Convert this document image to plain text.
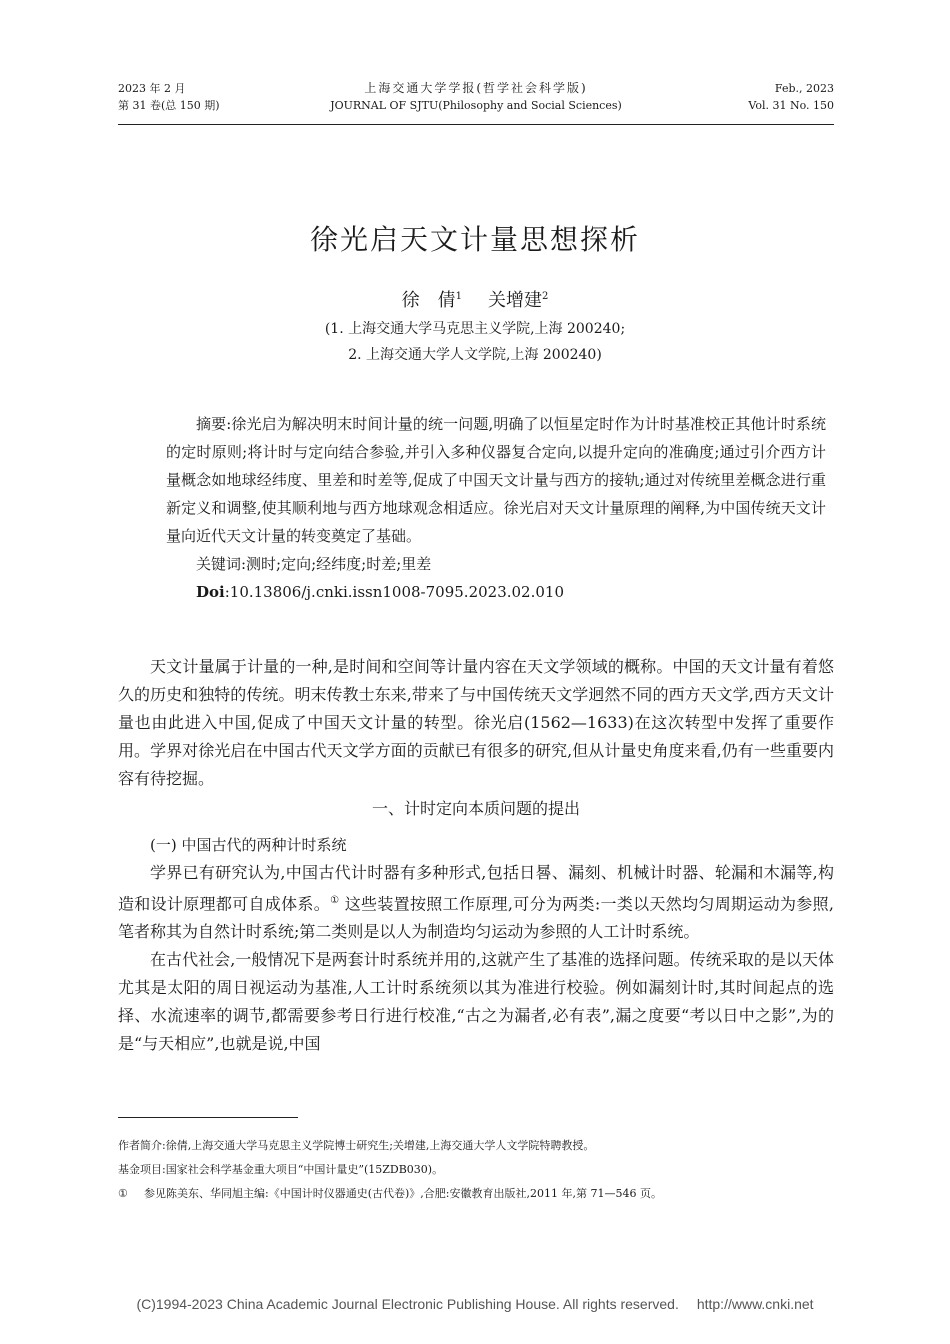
2023 年 2 月
第 31 卷(总 150 期)
上海交通大学学报(哲学社会科学版)
JOURNAL OF SJTU(Philosophy and Social Sciences)
Feb., 2023
Vol. 31 No. 150
徐光启天文计量思想探析
徐　倩$^1$ 关增建$^2$
(1. 上海交通大学马克思主义学院,上海 200240;
2. 上海交通大学人文学院,上海 200240)

摘要:徐光启为解决明末时间计量的统一问题,明确了以恒星定时作为计时基准校正其他计时系统的定时原则;将计时与定向结合参验,并引入多种仪器复合定向,以提升定向的准确度;通过引介西方计量概念如地球经纬度、里差和时差等,促成了中国天文计量与西方的接轨;通过对传统里差概念进行重新定义和调整,使其顺利地与西方地球观念相适应。徐光启对天文计量原理的阐释,为中国传统天文计量向近代天文计量的转变奠定了基础。

关键词:测时;定向;经纬度;时差;里差

Doi:10.13806/j.cnki.issn1008-7095.2023.02.010

天文计量属于计量的一种,是时间和空间等计量内容在天文学领域的概称。中国的天文计量有着悠久的历史和独特的传统。明末传教士东来,带来了与中国传统天文学迥然不同的西方天文学,西方天文计量也由此进入中国,促成了中国天文计量的转型。徐光启(1562—1633)在这次转型中发挥了重要作用。学界对徐光启在中国古代天文学方面的贡献已有很多的研究,但从计量史角度来看,仍有一些重要内容有待挖掘。

一、计时定向本质问题的提出

(一) 中国古代的两种计时系统

学界已有研究认为,中国古代计时器有多种形式,包括日晷、漏刻、机械计时器、轮漏和木漏等,构造和设计原理都可自成体系。① 这些装置按照工作原理,可分为两类:一类以天然均匀周期运动为参照,笔者称其为自然计时系统;第二类则是以人为制造均匀运动为参照的人工计时系统。

在古代社会,一般情况下是两套计时系统并用的,这就产生了基准的选择问题。传统采取的是以天体尤其是太阳的周日视运动为基准,人工计时系统须以其为准进行校验。例如漏刻计时,其时间起点的选择、水流速率的调节,都需要参考日行进行校准,“古之为漏者,必有表”,漏之度要“考以日中之影”,为的是“与天相应”,也就是说,中国

作者简介:徐倩,上海交通大学马克思主义学院博士研究生;关增建,上海交通大学人文学院特聘教授。
基金项目:国家社会科学基金重大项目“中国计量史”(15ZDB030)。
① 参见陈美东、华同旭主编:《中国计时仪器通史(古代卷)》,合肥:安徽教育出版社,2011 年,第 71—546 页。
(C)1994-2023 China Academic Journal Electronic Publishing House. All rights reserved. http://www.cnki.net
